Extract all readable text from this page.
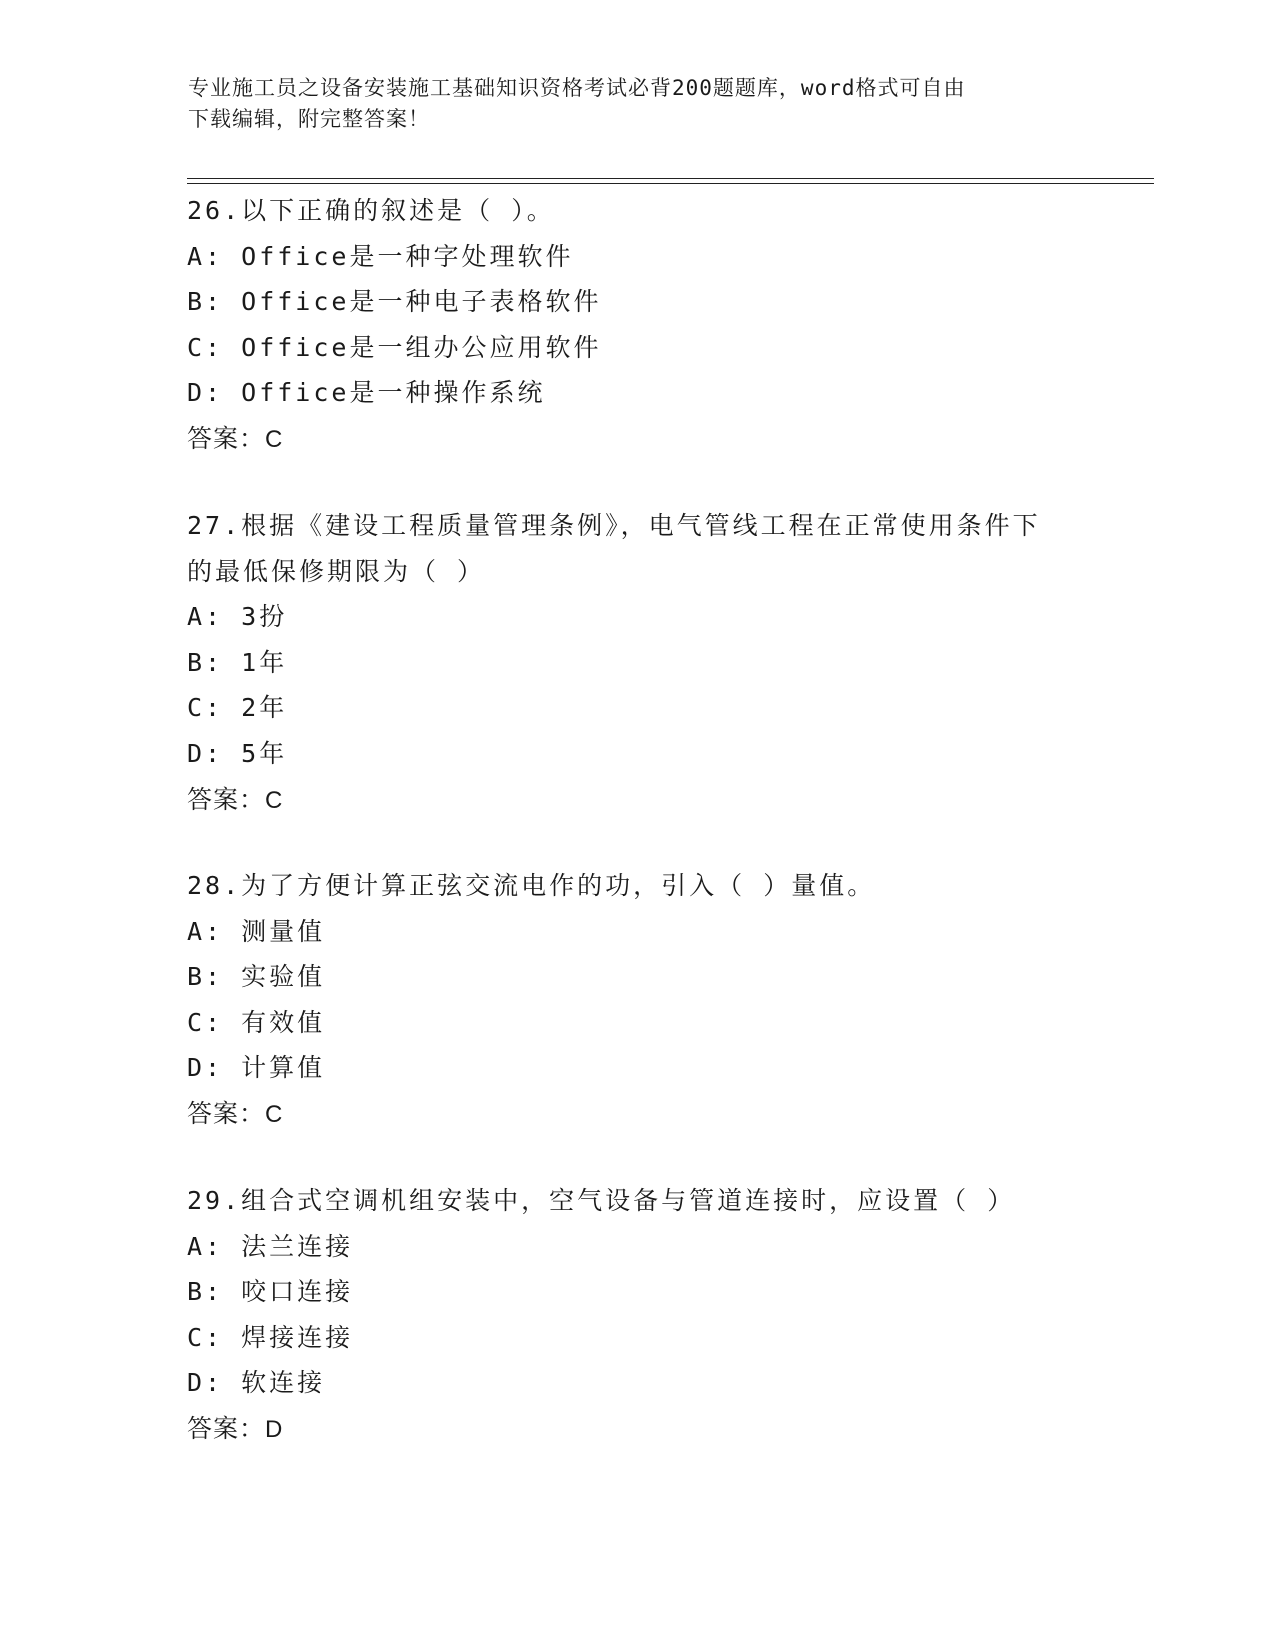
专业施工员之设备安装施工基础知识资格考试必背200题题库，word格式可自由
下载编辑，附完整答案！
26.以下正确的叙述是（ ）。
A: Office是一种字处理软件
B: Office是一种电子表格软件
C: Office是一组办公应用软件
D: Office是一种操作系统
答案：C
27.根据《建设工程质量管理条例》，电气管线工程在正常使用条件下
的最低保修期限为（ ）
A: 3扮
B: 1年
C: 2年
D: 5年
答案：C
28.为了方便计算正弦交流电作的功，引入（ ）量值。
A: 测量值
B: 实验值
C: 有效值
D: 计算值
答案：C
29.组合式空调机组安装中，空气设备与管道连接时，应设置（ ）
A: 法兰连接
B: 咬口连接
C: 焊接连接
D: 软连接
答案：D
